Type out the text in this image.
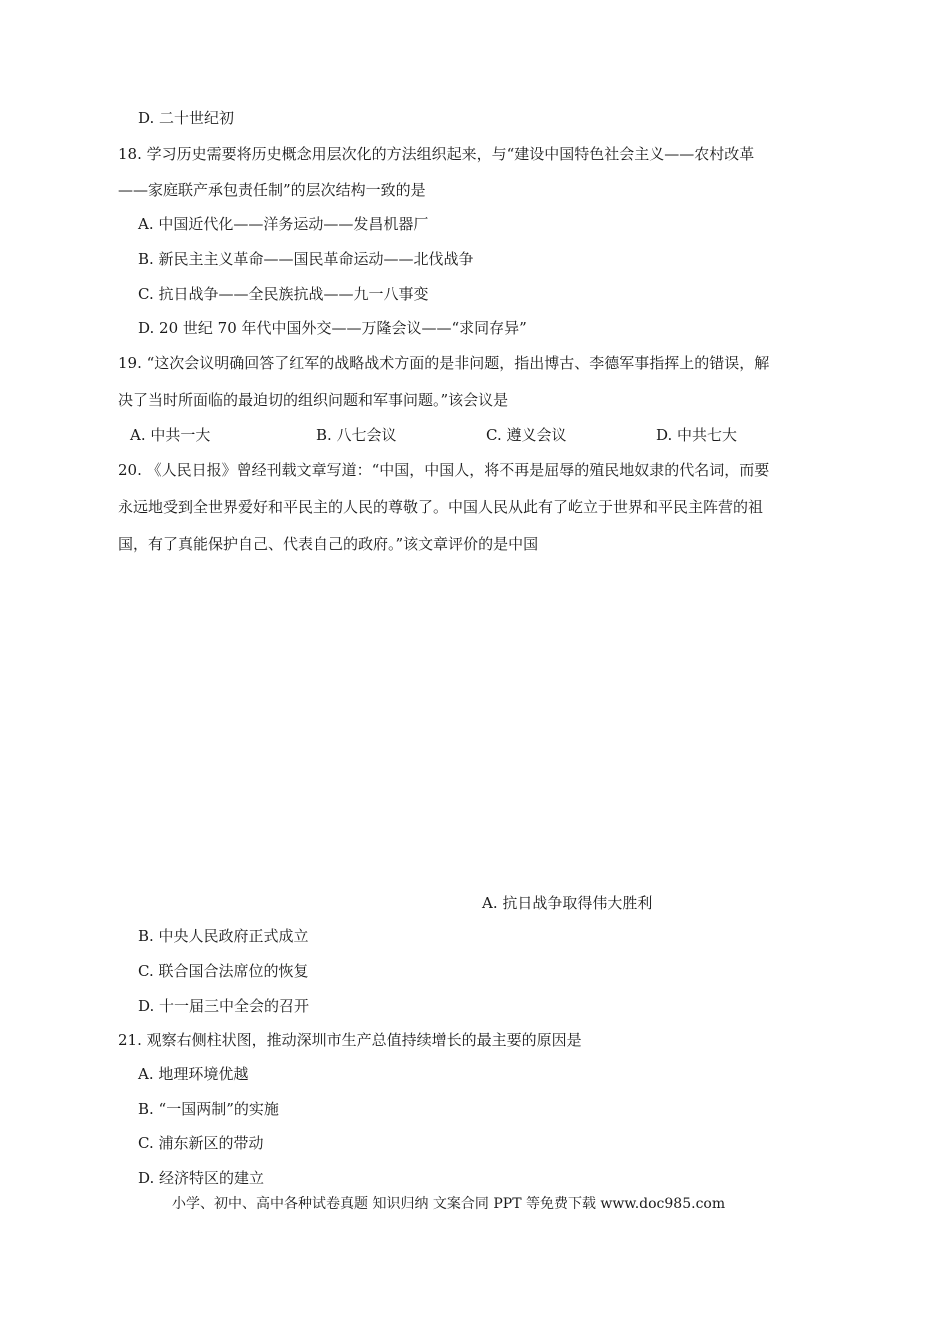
D. 二十世纪初
18. 学习历史需要将历史概念用层次化的方法组织起来，与“建设中国特色社会主义——农村改革
——家庭联产承包责任制”的层次结构一致的是
A. 中国近代化——洋务运动——发昌机器厂
B. 新民主主义革命——国民革命运动——北伐战争
C. 抗日战争——全民族抗战——九一八事变
D. 20 世纪 70 年代中国外交——万隆会议——“求同存异”
19. “这次会议明确回答了红军的战略战术方面的是非问题，指出博古、李德军事指挥上的错误，解
决了当时所面临的最迫切的组织问题和军事问题。”该会议是
A. 中共一大	B. 八七会议	C. 遵义会议	D. 中共七大
20. 《人民日报》曾经刊载文章写道：“中国，中国人，将不再是屈辱的殖民地奴隶的代名词，而要
永远地受到全世界爱好和平民主的人民的尊敬了。中国人民从此有了屹立于世界和平民主阵营的祖
国，有了真能保护自己、代表自己的政府。”该文章评价的是中国
A. 抗日战争取得伟大胜利
B. 中央人民政府正式成立
C. 联合国合法席位的恢复
D. 十一届三中全会的召开
21. 观察右侧柱状图，推动深圳市生产总值持续增长的最主要的原因是
A. 地理环境优越
B. “一国两制”的实施
C. 浦东新区的带动
D. 经济特区的建立
小学、初中、高中各种试卷真题 知识归纳 文案合同 PPT 等免费下载 www.doc985.com
